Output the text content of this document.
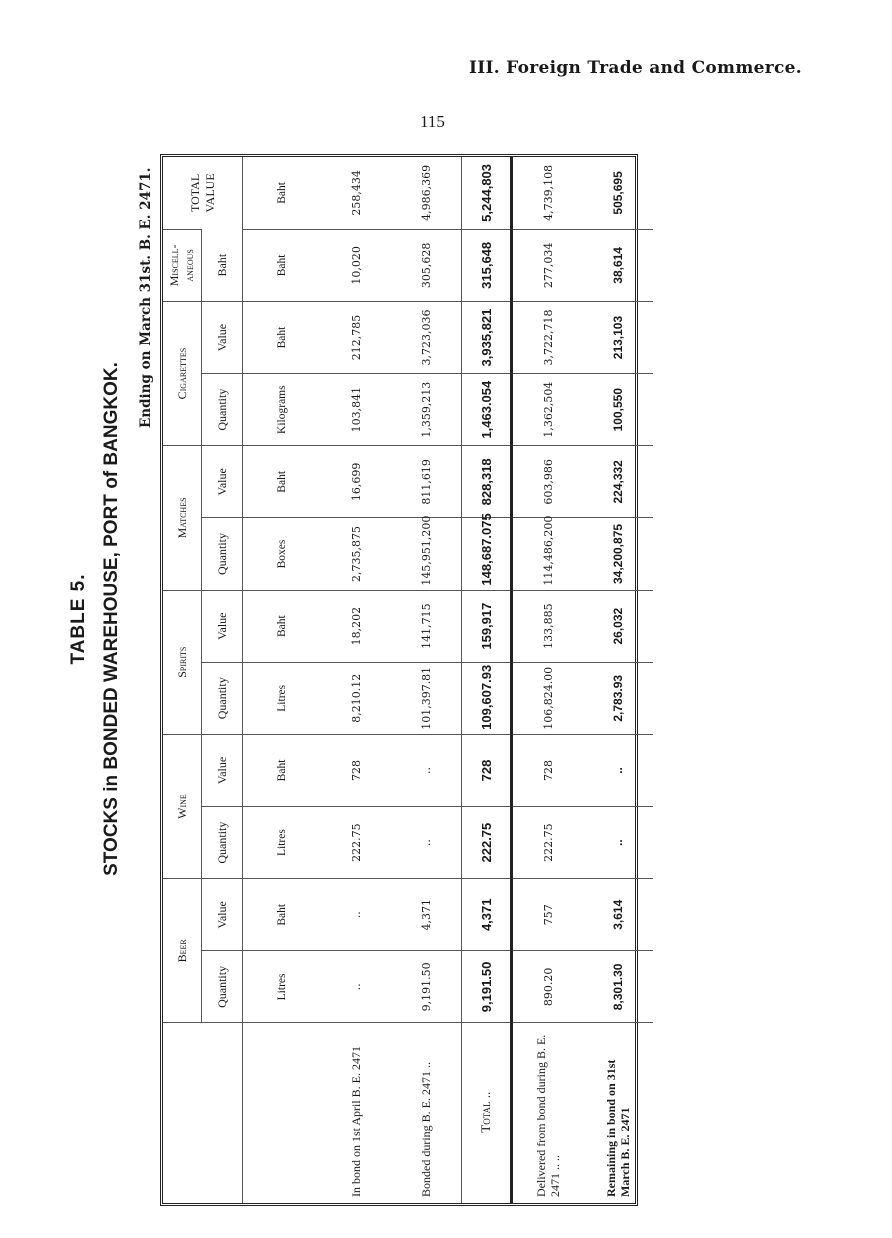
III. Foreign Trade and Commerce.
115
TABLE 5. STOCKS in BONDED WAREHOUSE, PORT of BANGKOK.
Ending on March 31st. B. E. 2471.
	Beer		Wine		Spirits		Matches		Cigarettes		Miscell-aneous	TOTAL VALUE
	Quantity	Value	Quantity	Value	Quantity	Value	Quantity	Value	Quantity	Value	Baht	
	Litres	Baht	Litres	Baht	Litres	Baht	Boxes	Baht	Kilograms	Baht	Baht	Baht
In bond on 1st April B. E. 2471	..	..	222.75	728	8,210.12	18,202	2,735,875	16,699	103,841	212,785	10,020	258,434
Bonded during B. E. 2471 ..	9,191.50	4,371	..	..	101,397.81	141,715	145,951,200	811,619	1,359,213	3,723,036	305,628	4,986,369
Total ..	9,191.50	4,371	222.75	728	109,607.93	159,917	148,687.075	828,318	1,463.054	3,935,821	315,648	5,244,803
Delivered from bond during B. E. 2471 .. ..	890.20	757	222.75	728	106,824.00	133,885	114,486,200	603,986	1,362,504	3,722,718	277,034	4,739,108
Remaining in bond on 31st March B. E. 2471	8,301.30	3,614	..	..	2,783.93	26,032	34,200,875	224,332	100,550	213,103	38,614	505,695
